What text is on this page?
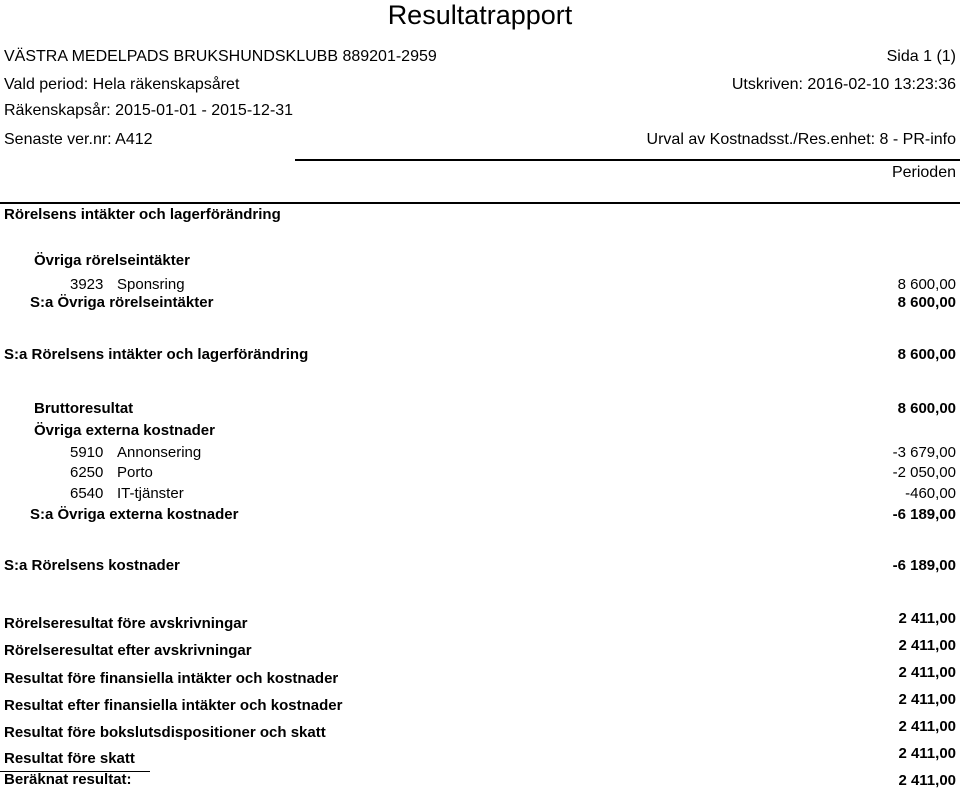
Resultatrapport
VÄSTRA MEDELPADS BRUKSHUNDSKLUBB 889201-2959	Sida 1 (1)
Vald period: Hela räkenskapsåret	Utskriven: 2016-02-10 13:23:36
Räkenskapsår: 2015-01-01 - 2015-12-31
Senaste ver.nr: A412	Urval av Kostnadsst./Res.enhet: 8 - PR-info
Perioden
Rörelsens intäkter och lagerförändring
Övriga rörelseintäkter
3923 Sponsring	8 600,00
S:a Övriga rörelseintäkter	8 600,00
S:a Rörelsens intäkter och lagerförändring	8 600,00
Bruttoresultat	8 600,00
Övriga externa kostnader
5910 Annonsering	-3 679,00
6250 Porto	-2 050,00
6540 IT-tjänster	-460,00
S:a Övriga externa kostnader	-6 189,00
S:a Rörelsens kostnader	-6 189,00
Rörelseresultat före avskrivningar	2 411,00
Rörelseresultat efter avskrivningar	2 411,00
Resultat före finansiella intäkter och kostnader	2 411,00
Resultat efter finansiella intäkter och kostnader	2 411,00
Resultat före bokslutsdispositioner och skatt	2 411,00
Resultat före skatt	2 411,00
Beräknat resultat:	2 411,00
